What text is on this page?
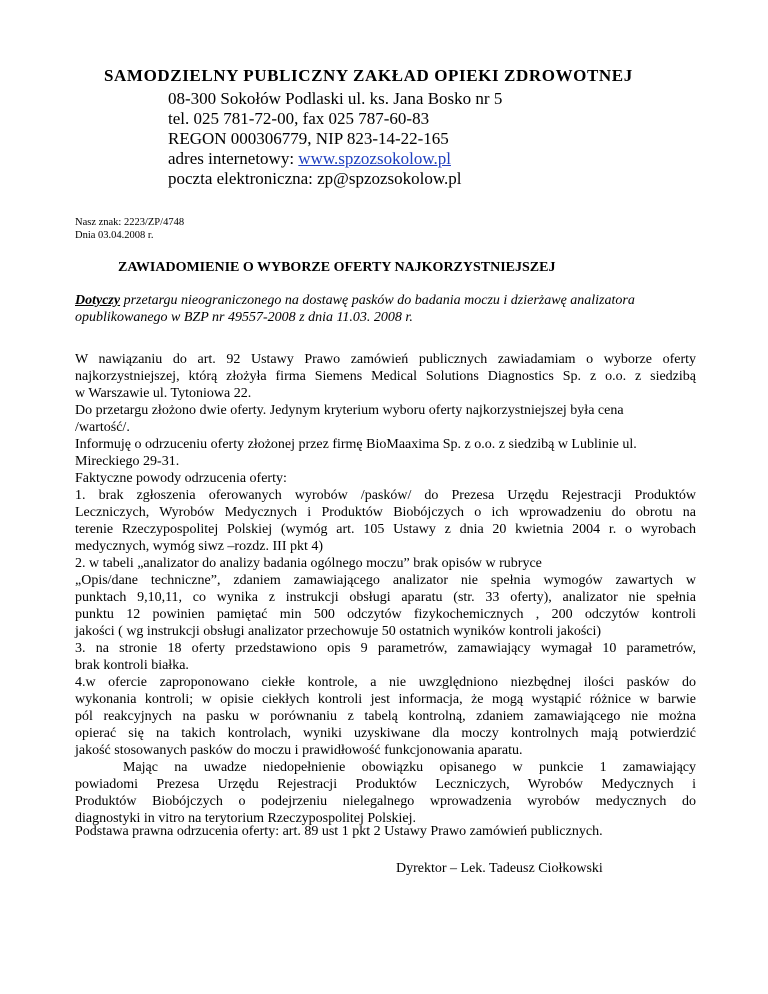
SAMODZIELNY PUBLICZNY ZAKŁAD OPIEKI ZDROWOTNEJ
08-300 Sokołów Podlaski ul. ks. Jana Bosko nr 5
tel. 025 781-72-00, fax 025 787-60-83
REGON 000306779, NIP 823-14-22-165
adres internetowy: www.spzozsokolow.pl
poczta elektroniczna: zp@spzozsokolow.pl
Nasz znak: 2223/ZP/4748
Dnia 03.04.2008 r.
ZAWIADOMIENIE O WYBORZE OFERTY NAJKORZYSTNIEJSZEJ
Dotyczy przetargu nieograniczonego na dostawę pasków do badania moczu i dzierżawę analizatora opublikowanego w BZP nr 49557-2008 z dnia 11.03. 2008 r.
W nawiązaniu do art. 92 Ustawy Prawo zamówień publicznych zawiadamiam o wyborze oferty
najkorzystniejszej, którą złożyła firma Siemens Medical Solutions Diagnostics Sp. z o.o. z siedzibą
w Warszawie ul. Tytoniowa 22.
Do przetargu złożono dwie oferty. Jedynym kryterium wyboru oferty najkorzystniejszej była cena
/wartość/.
Informuję o odrzuceniu oferty złożonej przez firmę BioMaaxima Sp. z o.o. z siedzibą w Lublinie ul.
Mireckiego 29-31.
Faktyczne powody odrzucenia oferty:
1. brak zgłoszenia oferowanych wyrobów /pasków/ do Prezesa Urzędu Rejestracji Produktów
Leczniczych, Wyrobów Medycznych i Produktów Biobójczych o ich wprowadzeniu do obrotu na
terenie Rzeczypospolitej Polskiej (wymóg art. 105 Ustawy z dnia 20 kwietnia 2004 r. o wyrobach
medycznych, wymóg siwz –rozdz. III pkt 4)
2. w tabeli „analizator do analizy badania ogólnego moczu” brak opisów w rubryce
„Opis/dane techniczne”, zdaniem zamawiającego analizator nie spełnia wymogów zawartych w
punktach 9,10,11, co wynika z instrukcji obsługi aparatu (str. 33 oferty), analizator nie spełnia
punktu 12 powinien pamiętać min 500 odczytów fizykochemicznych , 200 odczytów kontroli
jakości ( wg instrukcji obsługi analizator przechowuje 50 ostatnich wyników kontroli jakości)
3. na stronie 18 oferty przedstawiono opis 9 parametrów, zamawiający wymagał 10 parametrów,
brak kontroli białka.
4.w ofercie zaproponowano ciekłe kontrole, a nie uwzględniono niezbędnej ilości pasków do
wykonania kontroli; w opisie ciekłych kontroli jest informacja, że mogą wystąpić różnice w barwie
pól reakcyjnych na pasku w porównaniu z tabelą kontrolną, zdaniem zamawiającego nie można
opierać się na takich kontrolach, wyniki uzyskiwane dla moczy kontrolnych mają potwierdzić
jakość stosowanych pasków do moczu i prawidłowość funkcjonowania aparatu.
Mając na uwadze niedopełnienie obowiązku opisanego w punkcie 1 zamawiający
powiadomi Prezesa Urzędu Rejestracji Produktów Leczniczych, Wyrobów Medycznych i
Produktów Biobójczych o podejrzeniu nielegalnego wprowadzenia wyrobów medycznych do
diagnostyki in vitro na terytorium Rzeczypospolitej Polskiej.
Podstawa prawna odrzucenia oferty: art. 89 ust 1 pkt 2 Ustawy Prawo zamówień publicznych.
Dyrektor – Lek. Tadeusz Ciołkowski
